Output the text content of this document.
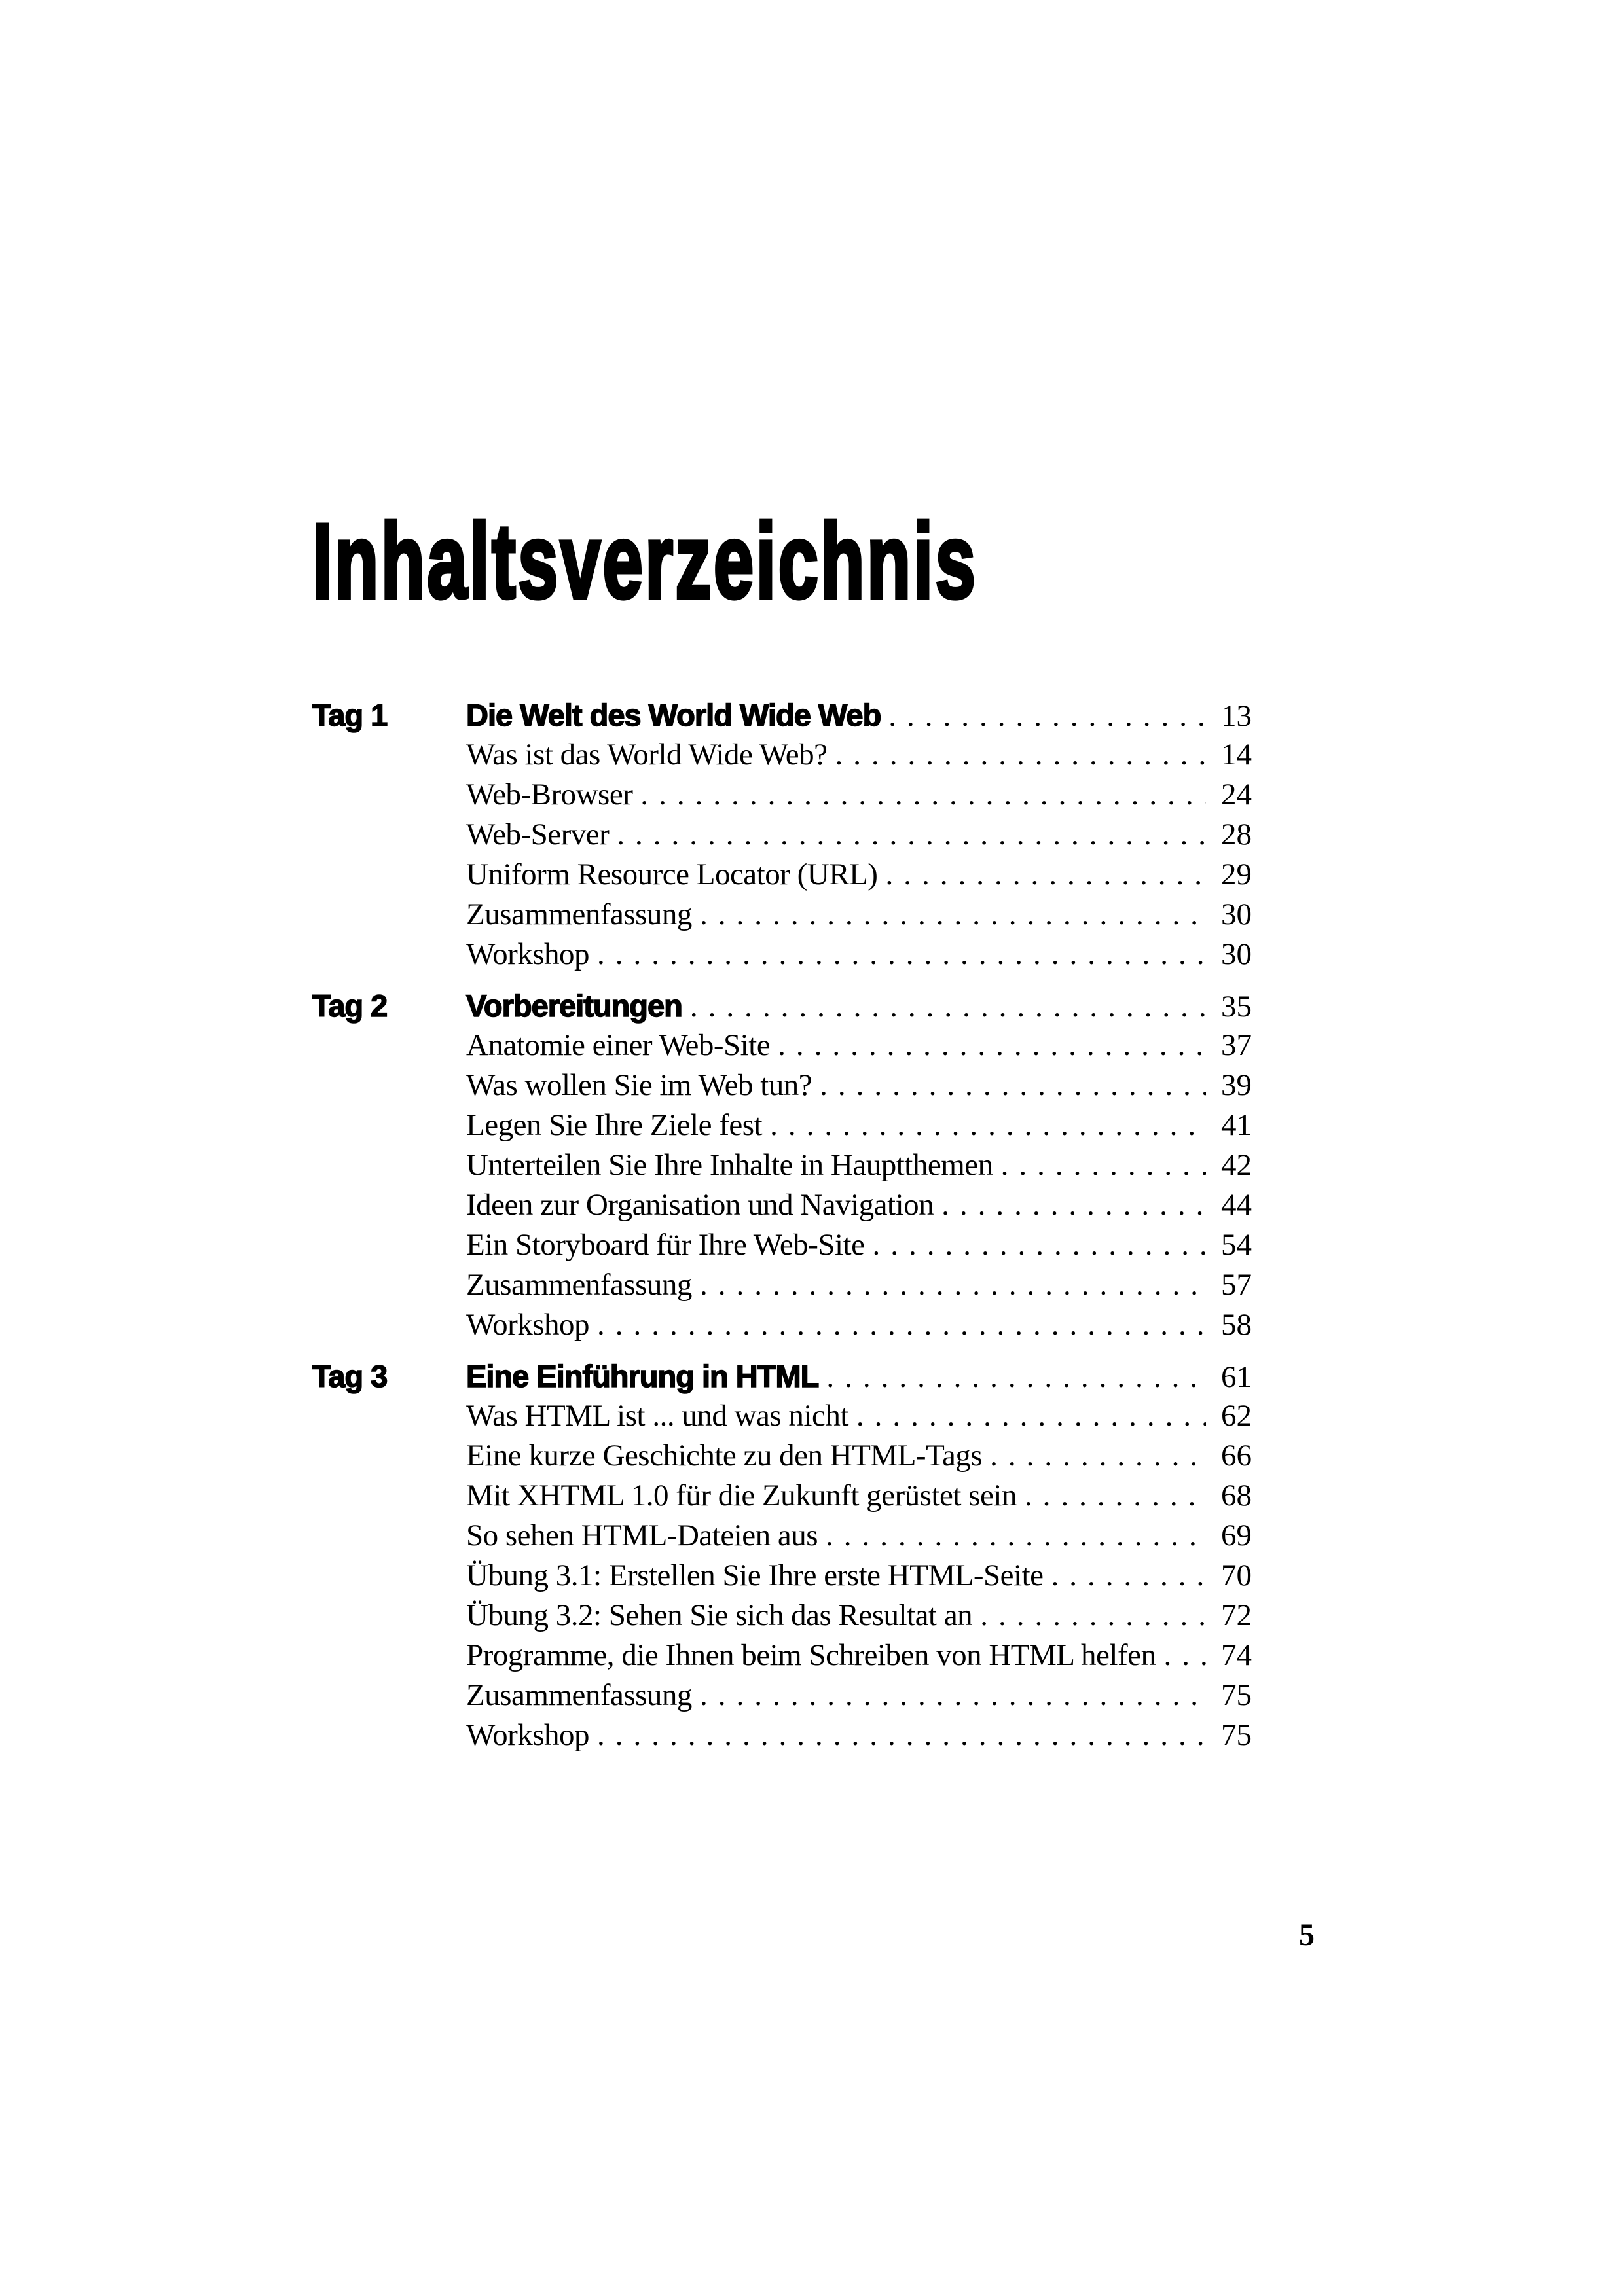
Inhaltsverzeichnis
Tag 1	Die Welt des World Wide Web .....	13
Was ist das World Wide Web? .....	14
Web-Browser .....	24
Web-Server .....	28
Uniform Resource Locator (URL) .....	29
Zusammenfassung .....	30
Workshop .....	30
Tag 2	Vorbereitungen .....	35
Anatomie einer Web-Site .....	37
Was wollen Sie im Web tun? .....	39
Legen Sie Ihre Ziele fest .....	41
Unterteilen Sie Ihre Inhalte in Hauptthemen .....	42
Ideen zur Organisation und Navigation .....	44
Ein Storyboard für Ihre Web-Site .....	54
Zusammenfassung .....	57
Workshop .....	58
Tag 3	Eine Einführung in HTML .....	61
Was HTML ist ... und was nicht .....	62
Eine kurze Geschichte zu den HTML-Tags .....	66
Mit XHTML 1.0 für die Zukunft gerüstet sein .....	68
So sehen HTML-Dateien aus .....	69
Übung 3.1: Erstellen Sie Ihre erste HTML-Seite .....	70
Übung 3.2: Sehen Sie sich das Resultat an .....	72
Programme, die Ihnen beim Schreiben von HTML helfen .....	74
Zusammenfassung .....	75
Workshop .....	75
5
